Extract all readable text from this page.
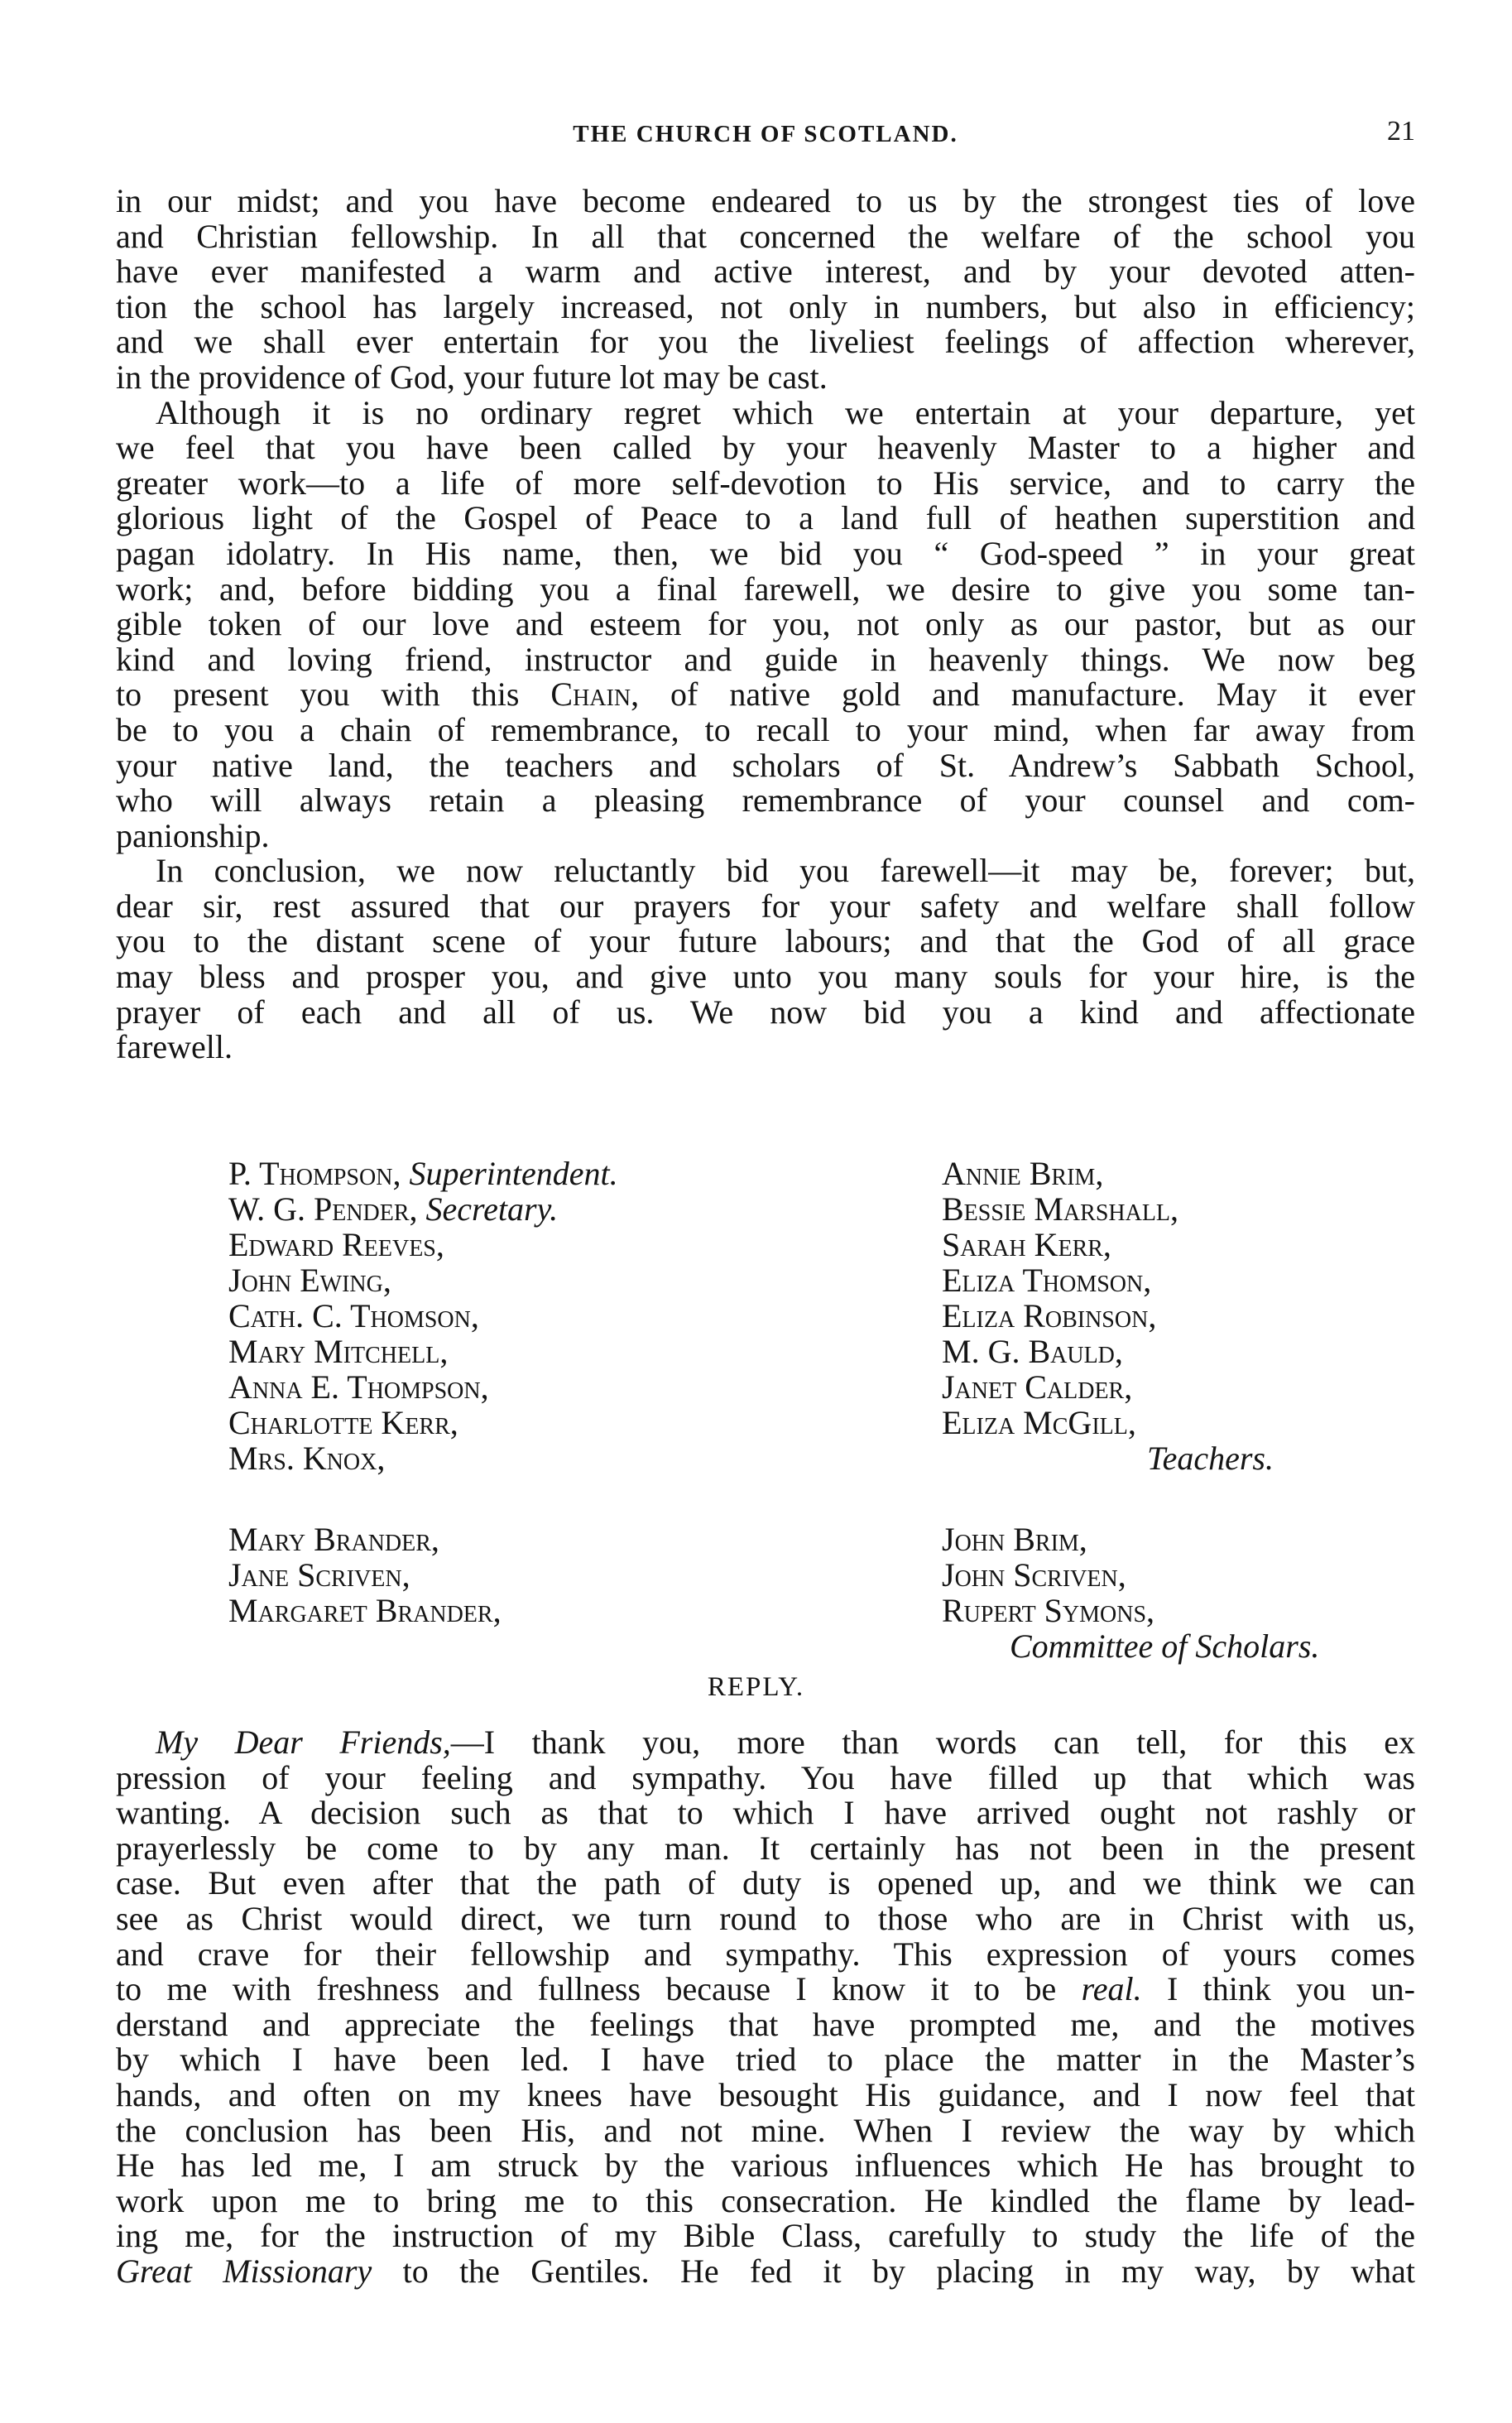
THE CHURCH OF SCOTLAND.	21
in our midst; and you have become endeared to us by the strongest ties of love
and Christian fellowship. In all that concerned the welfare of the school you
have ever manifested a warm and active interest, and by your devoted atten-
tion the school has largely increased, not only in numbers, but also in efficiency;
and we shall ever entertain for you the liveliest feelings of affection wherever,
in the providence of God, your future lot may be cast.
Although it is no ordinary regret which we entertain at your departure, yet
we feel that you have been called by your heavenly Master to a higher and
greater work—to a life of more self-devotion to His service, and to carry the
glorious light of the Gospel of Peace to a land full of heathen superstition and
pagan idolatry. In His name, then, we bid you “ God-speed ” in your great
work; and, before bidding you a final farewell, we desire to give you some tan-
gible token of our love and esteem for you, not only as our pastor, but as our
kind and loving friend, instructor and guide in heavenly things. We now beg
to present you with this Chain, of native gold and manufacture. May it ever
be to you a chain of remembrance, to recall to your mind, when far away from
your native land, the teachers and scholars of St. Andrew’s Sabbath School,
who will always retain a pleasing remembrance of your counsel and com-
panionship.
In conclusion, we now reluctantly bid you farewell—it may be, forever; but,
dear sir, rest assured that our prayers for your safety and welfare shall follow
you to the distant scene of your future labours; and that the God of all grace
may bless and prosper you, and give unto you many souls for your hire, is the
prayer of each and all of us. We now bid you a kind and affectionate
farewell.
P. Thompson, Superintendent.
W. G. Pender, Secretary.
Edward Reeves,
John Ewing,
Cath. C. Thomson,
Mary Mitchell,
Anna E. Thompson,
Charlotte Kerr,
Mrs. Knox,
Annie Brim,
Bessie Marshall,
Sarah Kerr,
Eliza Thomson,
Eliza Robinson,
M. G. Bauld,
Janet Calder,
Eliza McGill,
Teachers.
Mary Brander,
Jane Scriven,
Margaret Brander,
John Brim,
John Scriven,
Rupert Symons,
Committee of Scholars.
REPLY.
My Dear Friends,—I thank you, more than words can tell, for this ex
pression of your feeling and sympathy. You have filled up that which was
wanting. A decision such as that to which I have arrived ought not rashly or
prayerlessly be come to by any man. It certainly has not been in the present
case. But even after that the path of duty is opened up, and we think we can
see as Christ would direct, we turn round to those who are in Christ with us,
and crave for their fellowship and sympathy. This expression of yours comes
to me with freshness and fullness because I know it to be real. I think you un-
derstand and appreciate the feelings that have prompted me, and the motives
by which I have been led. I have tried to place the matter in the Master’s
hands, and often on my knees have besought His guidance, and I now feel that
the conclusion has been His, and not mine. When I review the way by which
He has led me, I am struck by the various influences which He has brought to
work upon me to bring me to this consecration. He kindled the flame by lead-
ing me, for the instruction of my Bible Class, carefully to study the life of the
Great Missionary to the Gentiles. He fed it by placing in my way, by what
